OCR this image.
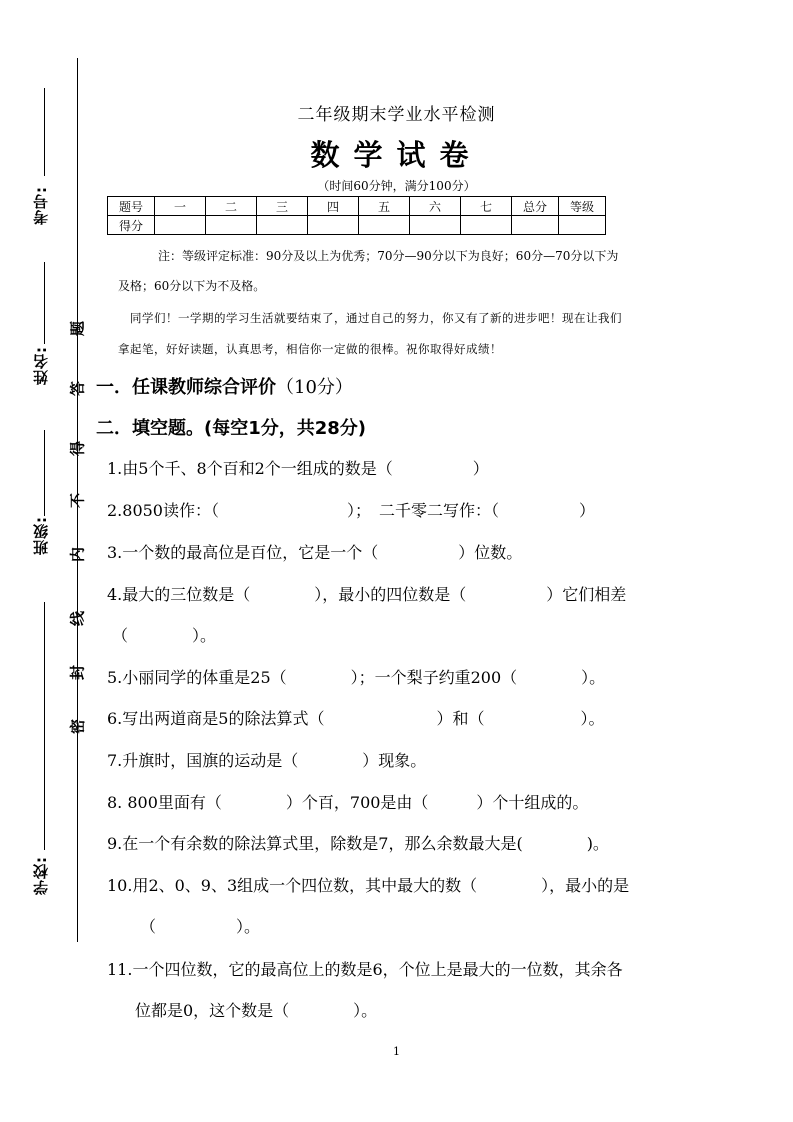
考号:
姓名:
班级:
学校:
题
答
得
不
内
线
封
密
二年级期末学业水平检测
数学试卷
（时间60分钟，满分100分）
题号	一	二	三	四	五	六	七	总分	等级
得分									
注：等级评定标准：90分及以上为优秀；70分—90分以下为良好；60分—70分以下为
及格；60分以下为不及格。
同学们！一学期的学习生活就要结束了，通过自己的努力，你又有了新的进步吧！现在让我们
拿起笔，好好读题，认真思考，相信你一定做的很棒。祝你取得好成绩！
一．任课教师综合评价（10分）
二．填空题。(每空1分，共28分)
1.由5个千、8个百和2个一组成的数是（　　　　　）
2.8050读作：（　　　　　　　　）；　二千零二写作：（　　　　　）
3.一个数的最高位是百位，它是一个（　　　　　）位数。
4.最大的三位数是（　　　　），最小的四位数是（　　　　　）它们相差
（　　　　）。
5.小丽同学的体重是25（　　　　）；一个梨子约重200（　　　　）。
6.写出两道商是5的除法算式（　　　　　　　）和（　　　　　　）。
7.升旗时，国旗的运动是（　　　　）现象。
8. 800里面有（　　　　）个百，700是由（　　　）个十组成的。
9.在一个有余数的除法算式里，除数是7，那么余数最大是(　　　　)。
10.用2、0、9、3组成一个四位数，其中最大的数（　　　　），最小的是
（　　　　　）。
11.一个四位数，它的最高位上的数是6，个位上是最大的一位数，其余各
位都是0，这个数是（　　　　）。
1
